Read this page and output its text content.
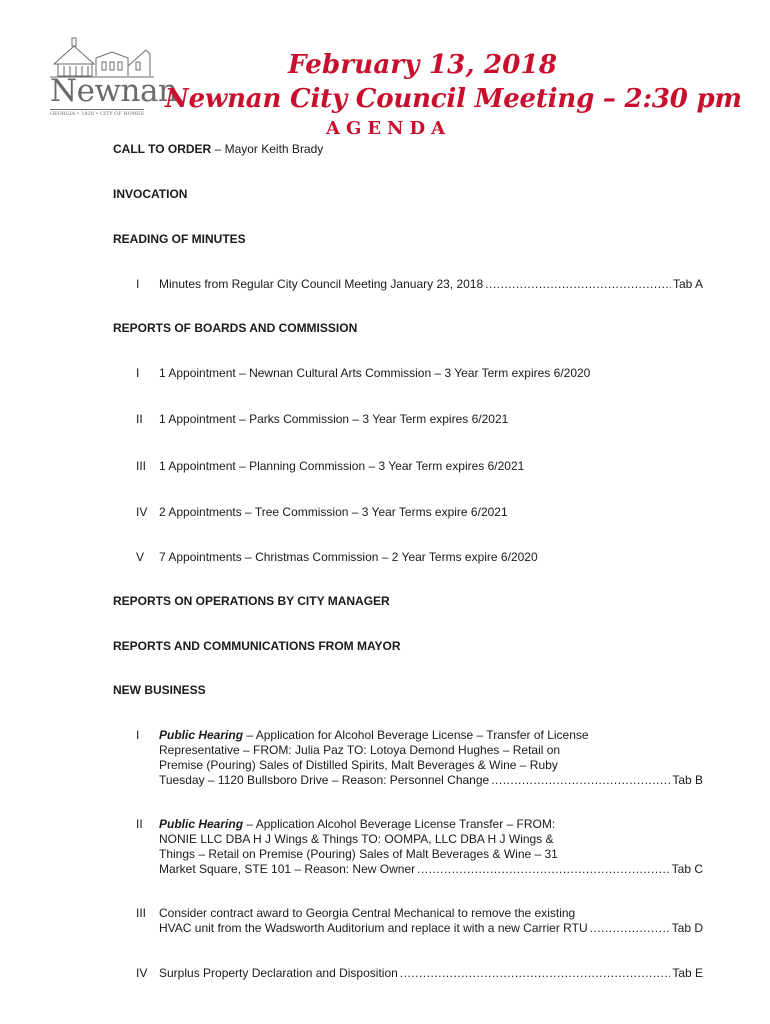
Newnan
GEORGIA • 1828 • CITY OF HOMES
February 13, 2018
Newnan City Council Meeting – 2:30 pm
AGENDA
CALL TO ORDER – Mayor Keith Brady
INVOCATION
READING OF MINUTES
I Minutes from Regular City Council Meeting January 23, 2018 .....	Tab A
REPORTS OF BOARDS AND COMMISSION
I 1 Appointment – Newnan Cultural Arts Commission – 3 Year Term expires 6/2020

II 1 Appointment – Parks Commission – 3 Year Term expires 6/2021

III 1 Appointment – Planning Commission – 3 Year Term expires 6/2021

IV 2 Appointments – Tree Commission – 3 Year Terms expire 6/2021

V 7 Appointments – Christmas Commission – 2 Year Terms expire 6/2020

REPORTS ON OPERATIONS BY CITY MANAGER
REPORTS AND COMMUNICATIONS FROM MAYOR
NEW BUSINESS
I Public Hearing – Application for Alcohol Beverage License – Transfer of License

Representative – FROM: Julia Paz TO: Lotoya Demond Hughes – Retail on

Premise (Pouring) Sales of Distilled Spirits, Malt Beverages & Wine – Ruby

Tuesday – 1120 Bullsboro Drive – Reason: Personnel Change .....	Tab B
II Public Hearing – Application Alcohol Beverage License Transfer – FROM:

NONIE LLC DBA H J Wings & Things TO: OOMPA, LLC DBA H J Wings &

Things – Retail on Premise (Pouring) Sales of Malt Beverages & Wine – 31

Market Square, STE 101 – Reason: New Owner .....	Tab C
III Consider contract award to Georgia Central Mechanical to remove the existing

HVAC unit from the Wadsworth Auditorium and replace it with a new Carrier RTU .....	Tab D
IV Surplus Property Declaration and Disposition .....	Tab E
